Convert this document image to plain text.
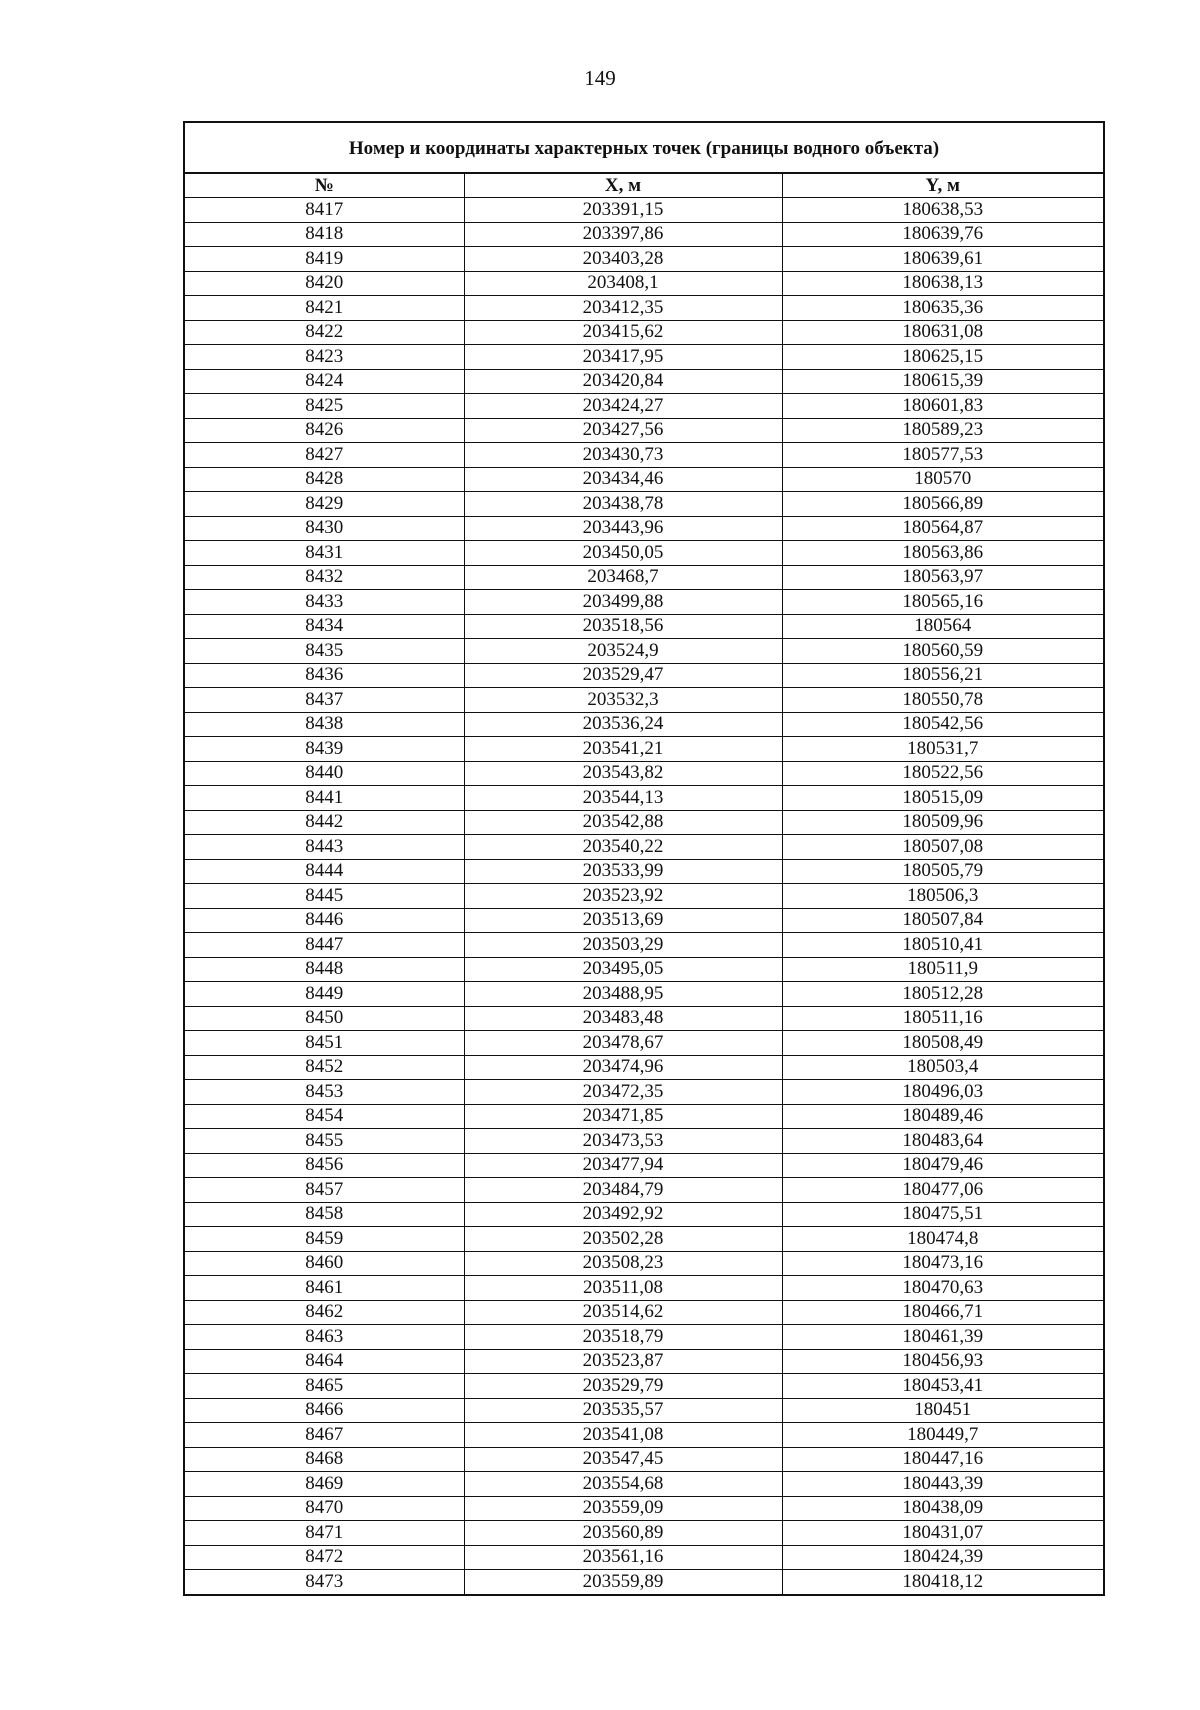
149
Номер и координаты характерных точек (границы водного объекта)
№	X, м	Y, м
8417	203391,15	180638,53
8418	203397,86	180639,76
8419	203403,28	180639,61
8420	203408,1	180638,13
8421	203412,35	180635,36
8422	203415,62	180631,08
8423	203417,95	180625,15
8424	203420,84	180615,39
8425	203424,27	180601,83
8426	203427,56	180589,23
8427	203430,73	180577,53
8428	203434,46	180570
8429	203438,78	180566,89
8430	203443,96	180564,87
8431	203450,05	180563,86
8432	203468,7	180563,97
8433	203499,88	180565,16
8434	203518,56	180564
8435	203524,9	180560,59
8436	203529,47	180556,21
8437	203532,3	180550,78
8438	203536,24	180542,56
8439	203541,21	180531,7
8440	203543,82	180522,56
8441	203544,13	180515,09
8442	203542,88	180509,96
8443	203540,22	180507,08
8444	203533,99	180505,79
8445	203523,92	180506,3
8446	203513,69	180507,84
8447	203503,29	180510,41
8448	203495,05	180511,9
8449	203488,95	180512,28
8450	203483,48	180511,16
8451	203478,67	180508,49
8452	203474,96	180503,4
8453	203472,35	180496,03
8454	203471,85	180489,46
8455	203473,53	180483,64
8456	203477,94	180479,46
8457	203484,79	180477,06
8458	203492,92	180475,51
8459	203502,28	180474,8
8460	203508,23	180473,16
8461	203511,08	180470,63
8462	203514,62	180466,71
8463	203518,79	180461,39
8464	203523,87	180456,93
8465	203529,79	180453,41
8466	203535,57	180451
8467	203541,08	180449,7
8468	203547,45	180447,16
8469	203554,68	180443,39
8470	203559,09	180438,09
8471	203560,89	180431,07
8472	203561,16	180424,39
8473	203559,89	180418,12
